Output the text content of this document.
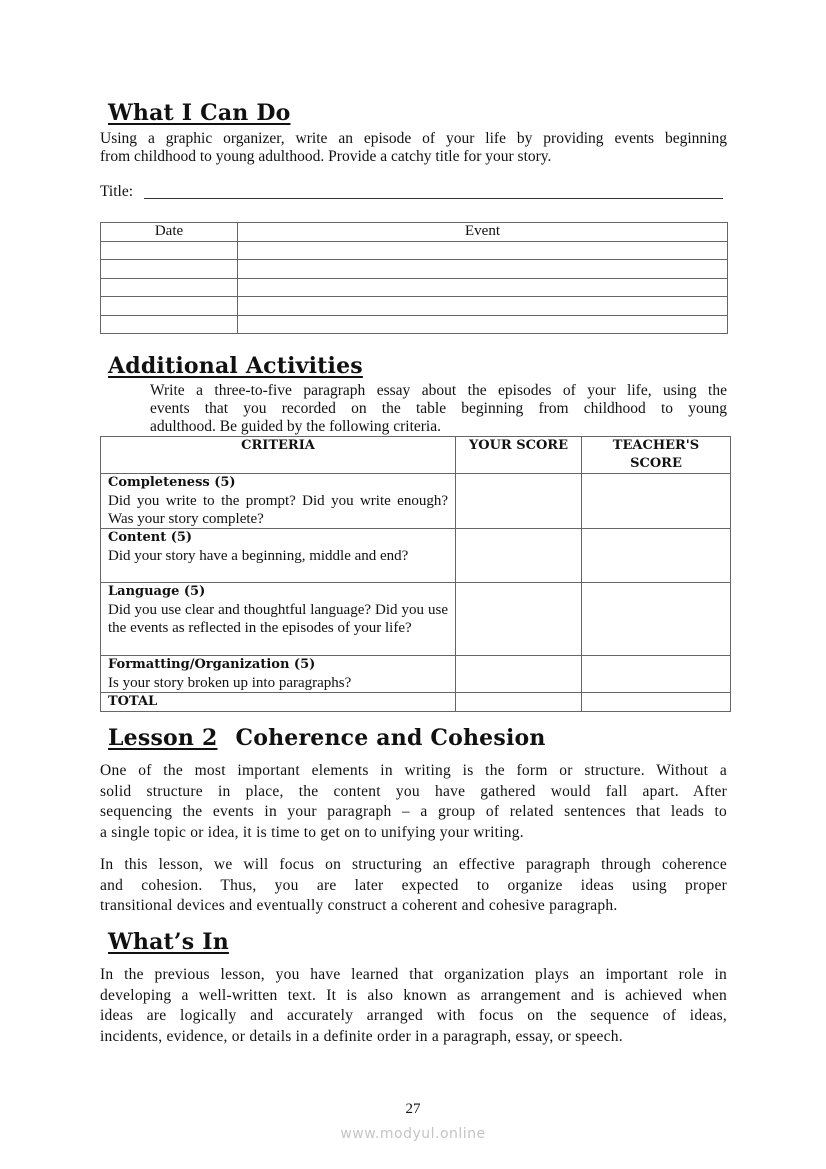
What I Can Do
Using a graphic organizer, write an episode of your life by providing events beginning
from childhood to young adulthood. Provide a catchy title for your story.
Title:
Date	Event

Additional Activities
Write a three-to-five paragraph essay about the episodes of your life, using the
events that you recorded on the table beginning from childhood to young
adulthood. Be guided by the following criteria.
CRITERIA	YOUR SCORE	TEACHER'S SCORE

Completeness (5)
Did you write to the prompt? Did you write enough? Was your story complete?		

Content (5)
Did your story have a beginning, middle and end?		

Language (5)
Did you use clear and thoughtful language? Did you use the events as reflected in the episodes of your life?		

Formatting/Organization (5)
Is your story broken up into paragraphs?		

TOTAL		

Lesson 2 Coherence and Cohesion
One of the most important elements in writing is the form or structure. Without a
solid structure in place, the content you have gathered would fall apart. After
sequencing the events in your paragraph – a group of related sentences that leads to
a single topic or idea, it is time to get on to unifying your writing.
In this lesson, we will focus on structuring an effective paragraph through coherence
and cohesion. Thus, you are later expected to organize ideas using proper
transitional devices and eventually construct a coherent and cohesive paragraph.
What’s In
In the previous lesson, you have learned that organization plays an important role in
developing a well-written text. It is also known as arrangement and is achieved when
ideas are logically and accurately arranged with focus on the sequence of ideas,
incidents, evidence, or details in a definite order in a paragraph, essay, or speech.
27
www.modyul.online
